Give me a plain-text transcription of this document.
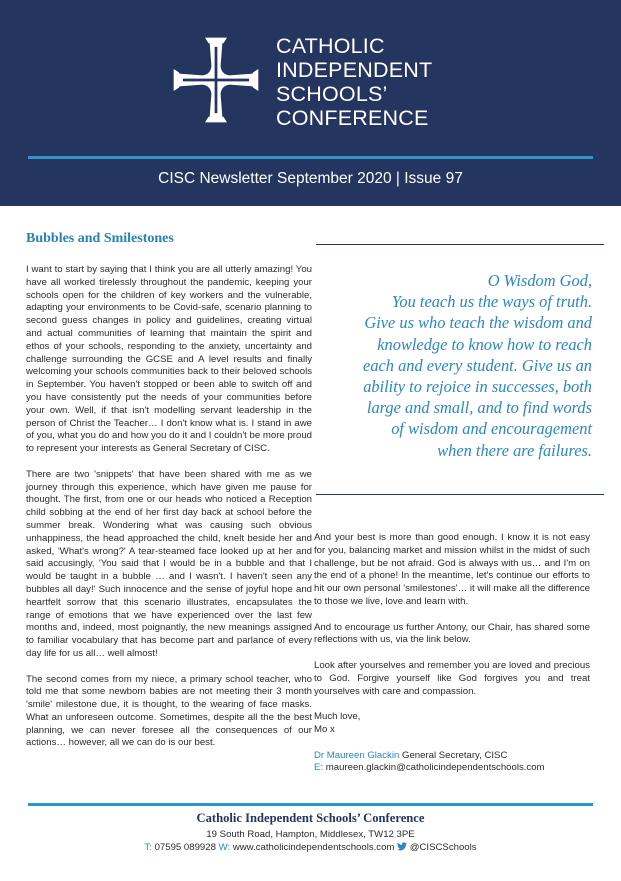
CATHOLIC
INDEPENDENT
SCHOOLS’
CONFERENCE
CISC Newsletter September 2020 | Issue 97
Bubbles and Smilestones

I want to start by saying that I think you are all utterly amazing! You have all worked tirelessly throughout the pandemic, keeping your schools open for the children of key workers and the vulnerable, adapting your environments to be Covid-safe, scenario planning to second guess changes in policy and guidelines, creating virtual and actual communities of learning that maintain the spirit and ethos of your schools, responding to the anxiety, uncertainty and challenge surrounding the GCSE and A level results and finally welcoming your schools communities back to their beloved schools in September. You haven't stopped or been able to switch off and you have consistently put the needs of your communities before your own. Well, if that isn't modelling servant leadership in the person of Christ the Teacher… I don't know what is. I stand in awe of you, what you do and how you do it and I couldn't be more proud to represent your interests as General Secretary of CISC.

There are two 'snippets' that have been shared with me as we journey through this experience, which have given me pause for thought. The first, from one or our heads who noticed a Reception child sobbing at the end of her first day back at school before the summer break. Wondering what was causing such obvious unhappiness, the head approached the child, knelt beside her and asked, 'What's wrong?' A tear-steamed face looked up at her and said accusingly, 'You said that I would be in a bubble and that I would be taught in a bubble … and I wasn't. I haven't seen any bubbles all day!' Such innocence and the sense of joyful hope and heartfelt sorrow that this scenario illustrates, encapsulates the range of emotions that we have experienced over the last few months and, indeed, most poignantly, the new meanings assigned to familiar vocabulary that has become part and parlance of every day life for us all… well almost!

The second comes from my niece, a primary school teacher, who told me that some newborn babies are not meeting their 3 month 'smile' milestone due, it is thought, to the wearing of face masks. What an unforeseen outcome. Sometimes, despite all the the best planning, we can never foresee all the consequences of our actions… however, all we can do is our best.

O Wisdom God,
You teach us the ways of truth.
Give us who teach the wisdom and
knowledge to know how to reach
each and every student. Give us an
ability to rejoice in successes, both
large and small, and to find words
of wisdom and encouragement
when there are failures.

And your best is more than good enough. I know it is not easy for you, balancing market and mission whilst in the midst of such challenge, but be not afraid. God is always with us… and I'm on the end of a phone! In the meantime, let's continue our efforts to hit our own personal 'smilestones'… it will make all the difference to those we live, love and learn with.

And to encourage us further Antony, our Chair, has shared some reflections with us, via the link below.

Look after yourselves and remember you are loved and precious to God. Forgive yourself like God forgives you and treat yourselves with care and compassion.

Much love,
Mo x
Dr Maureen Glackin General Secretary, CISC
E: maureen.glackin@catholicindependentschools.com
Catholic Independent Schools’ Conference
19 South Road, Hampton, Middlesex, TW12 3PE
T: 07595 089928 W: www.catholicindependentschools.com @CISCSchools
